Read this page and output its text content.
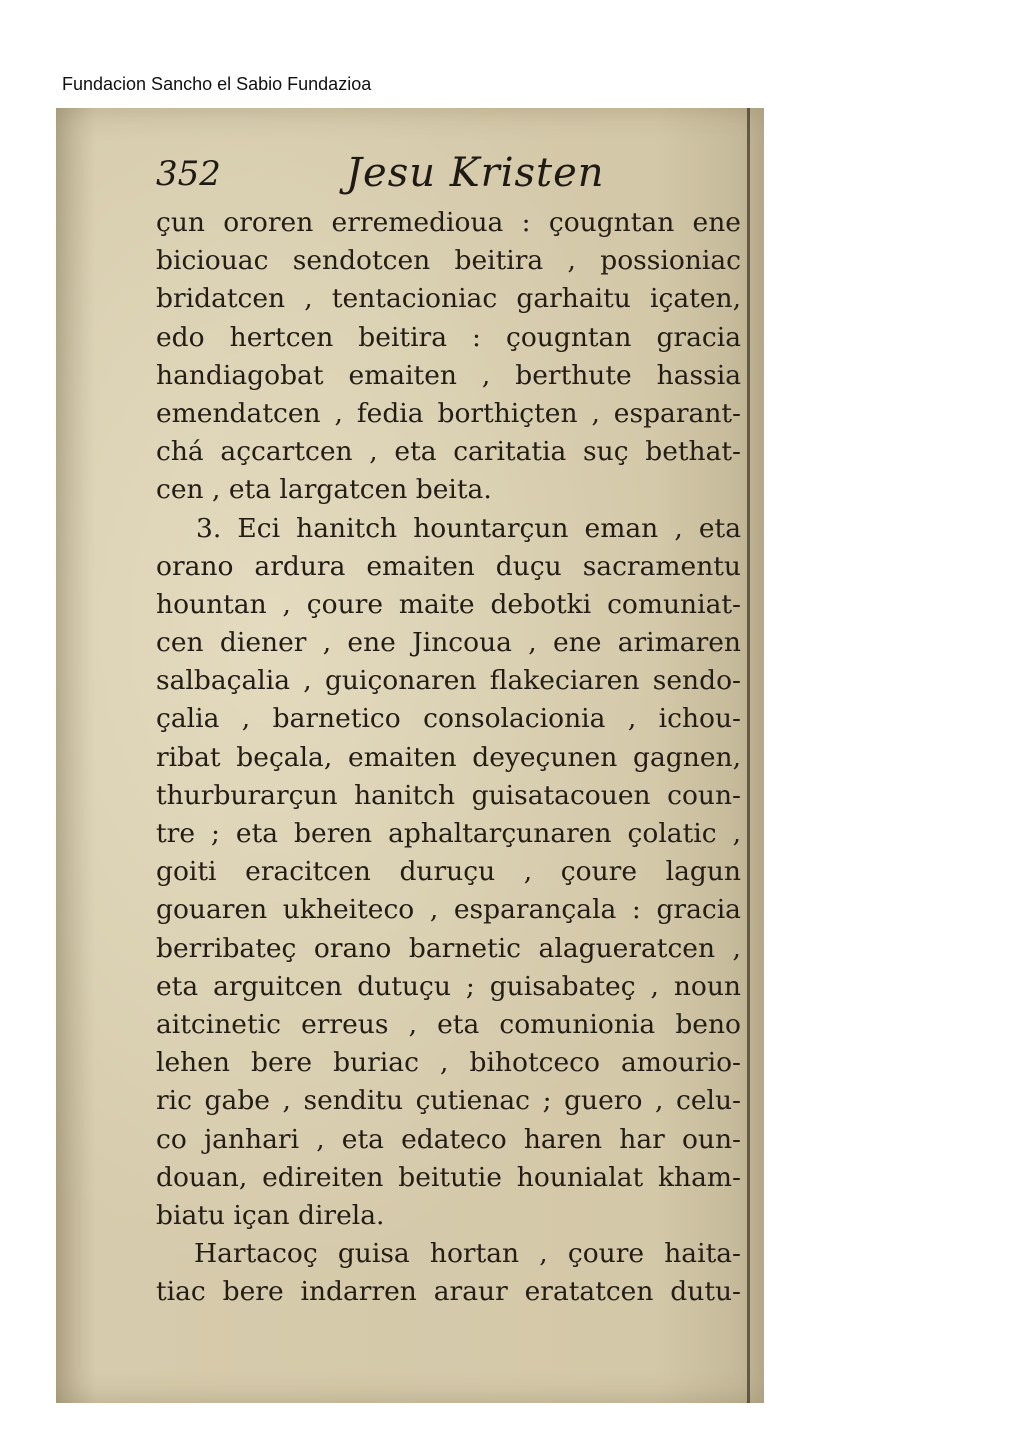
Fundacion Sancho el Sabio Fundazioa
352	Jesu Kristen
çun ororen erremedioua : çougntan ene
biciouac sendotcen beitira , possioniac
bridatcen , tentacioniac garhaitu içaten,
edo hertcen beitira : çougntan gracia
handiagobat emaiten , berthute hassia
emendatcen , fedia borthiçten , esparant-
chá açcartcen , eta caritatia suç bethat-
cen , eta largatcen beita.
3. Eci hanitch hountarçun eman , eta
orano ardura emaiten duçu sacramentu
hountan , çoure maite debotki comuniat-
cen diener , ene Jincoua , ene arimaren
salbaçalia , guiçonaren flakeciaren sendo-
çalia , barnetico consolacionia , ichou-
ribat beçala, emaiten deyeçunen gagnen,
thurburarçun hanitch guisatacouen coun-
tre ; eta beren aphaltarçunaren çolatic ,
goiti eracitcen duruçu , çoure lagun
gouaren ukheiteco , esparançala : gracia
berribateç orano barnetic alagueratcen ,
eta arguitcen dutuçu ; guisabateç , noun
aitcinetic erreus , eta comunionia beno
lehen bere buriac , bihotceco amourio-
ric gabe , senditu çutienac ; guero , celu-
co janhari , eta edateco haren har oun-
douan, edireiten beitutie hounialat kham-
biatu içan direla.
Hartacoç guisa hortan , çoure haita-
tiac bere indarren araur eratatcen dutu-
